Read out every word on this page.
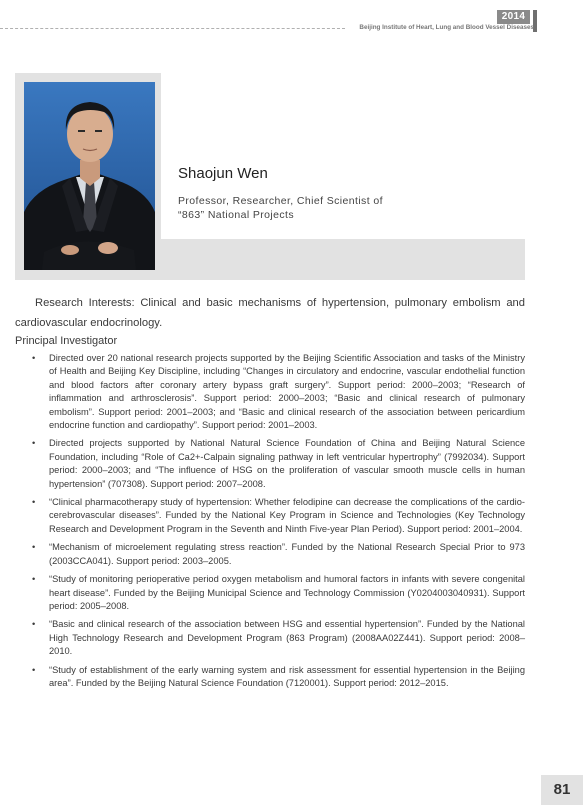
2014
Beijing Institute of Heart, Lung and Blood Vessel Diseases
Shaojun Wen
Professor, Researcher, Chief Scientist of
“863” National Projects
Research Interests: Clinical and basic mechanisms of hypertension, pulmonary embolism and cardiovascular endocrinology.
Principal Investigator
• Directed over 20 national research projects supported by the Beijing Scientific Association and tasks of the Ministry of Health and Beijing Key Discipline, including “Changes in circulatory and endocrine, vascular endothelial function and blood factors after coronary artery bypass graft surgery”. Support period: 2000–2003; “Research of inflammation and arthrosclerosis”. Support period: 2000–2003; “Basic and clinical research of pulmonary embolism”. Support period: 2001–2003; and “Basic and clinical research of the association between pericardium endocrine function and cardiopathy”. Support period: 2001–2003.
• Directed projects supported by National Natural Science Foundation of China and Beijing Natural Science Foundation, including “Role of Ca2+-Calpain signaling pathway in left ventricular hypertrophy” (7992034). Support period: 2000–2003; and “The influence of HSG on the proliferation of vascular smooth muscle cells in human hypertension” (707308). Support period: 2007–2008.
• “Clinical pharmacotherapy study of hypertension: Whether felodipine can decrease the complications of the cardio-cerebrovascular diseases”. Funded by the National Key Program in Science and Technologies (Key Technology Research and Development Program in the Seventh and Ninth Five-year Plan Period). Support period: 2001–2004.
• “Mechanism of microelement regulating stress reaction”. Funded by the National Research Special Prior to 973 (2003CCA041). Support period: 2003–2005.
• “Study of monitoring perioperative period oxygen metabolism and humoral factors in infants with severe congenital heart disease”. Funded by the Beijing Municipal Science and Technology Commission (Y0204003040931). Support period: 2005–2008.
• “Basic and clinical research of the association between HSG and essential hypertension”. Funded by the National High Technology Research and Development Program (863 Program) (2008AA02Z441). Support period: 2008–2010.
• “Study of establishment of the early warning system and risk assessment for essential hypertension in the Beijing area”. Funded by the Beijing Natural Science Foundation (7120001). Support period: 2012–2015.
81
